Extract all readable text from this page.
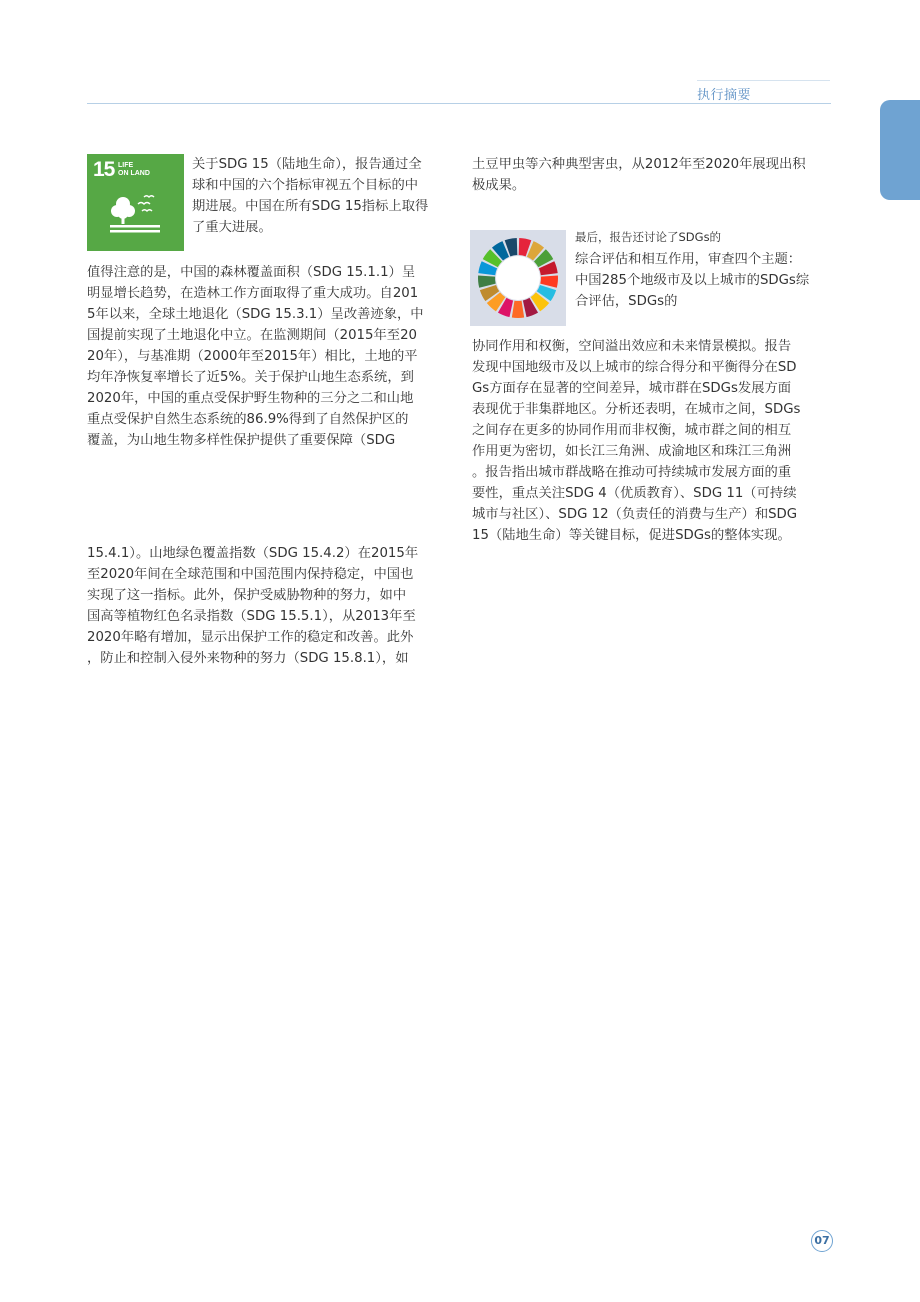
执行摘要
15 LIFE
ON LAND

关于SDG 15（陆地生命），报告通过全
球和中国的六个指标审视五个目标的中
期进展。中国在所有SDG 15指标上取得
了重大进展。

值得注意的是，中国的森林覆盖面积（SDG 15.1.1）呈
明显增长趋势，在造林工作方面取得了重大成功。自201
5年以来，全球土地退化（SDG 15.3.1）呈改善迹象，中
国提前实现了土地退化中立。在监测期间（2015年至20
20年），与基准期（2000年至2015年）相比，土地的平
均年净恢复率增长了近5%。关于保护山地生态系统，到
2020年，中国的重点受保护野生物种的三分之二和山地
重点受保护自然生态系统的86.9%得到了自然保护区的
覆盖，为山地生物多样性保护提供了重要保障（SDG

15.4.1）。山地绿色覆盖指数（SDG 15.4.2）在2015年
至2020年间在全球范围和中国范围内保持稳定，中国也
实现了这一指标。此外，保护受威胁物种的努力，如中
国高等植物红色名录指数（SDG 15.5.1），从2013年至
2020年略有增加，显示出保护工作的稳定和改善。此外
，防止和控制入侵外来物种的努力（SDG 15.8.1），如

土豆甲虫等六种典型害虫，从2012年至2020年展现出积
极成果。

最后，报告还讨论了SDGs的

综合评估和相互作用，审查四个主题：
中国285个地级市及以上城市的SDGs综
合评估，SDGs的

协同作用和权衡，空间溢出效应和未来情景模拟。报告
发现中国地级市及以上城市的综合得分和平衡得分在SD
Gs方面存在显著的空间差异，城市群在SDGs发展方面
表现优于非集群地区。分析还表明，在城市之间，SDGs
之间存在更多的协同作用而非权衡，城市群之间的相互
作用更为密切，如长江三角洲、成渝地区和珠江三角洲
。报告指出城市群战略在推动可持续城市发展方面的重
要性，重点关注SDG 4（优质教育）、SDG 11（可持续
城市与社区）、SDG 12（负责任的消费与生产）和SDG
15（陆地生命）等关键目标，促进SDGs的整体实现。

07
